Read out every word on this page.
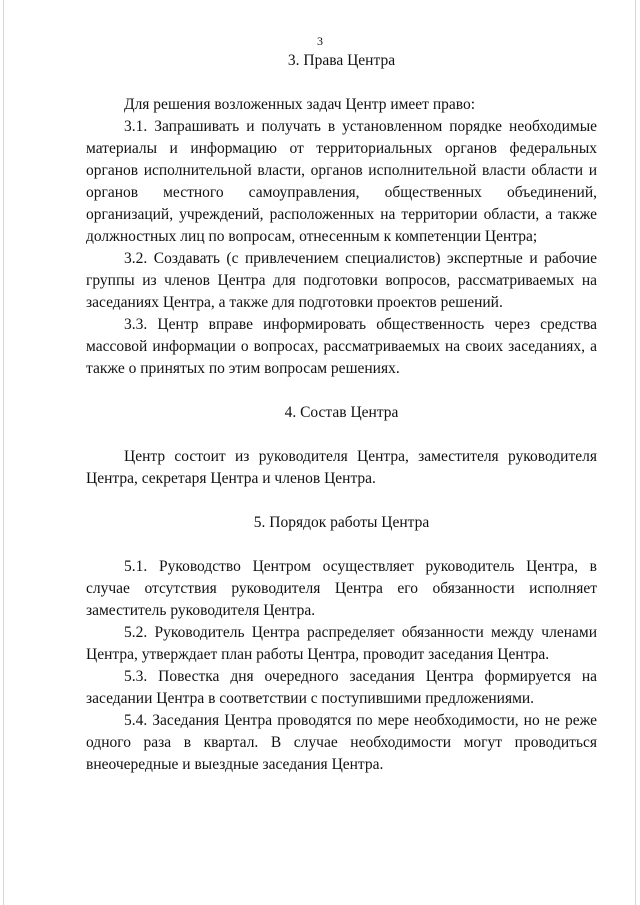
3

3. Права Центра

Для решения возложенных задач Центр имеет право:

3.1. Запрашивать и получать в установленном порядке необходимые материалы и информацию от территориальных органов федеральных органов исполнительной власти, органов исполнительной власти области и органов местного самоуправления, общественных объединений, организаций, учреждений, расположенных на территории области, а также должностных лиц по вопросам, отнесенным к компетенции Центра;

3.2. Создавать (с привлечением специалистов) экспертные и рабочие группы из членов Центра для подготовки вопросов, рассматриваемых на заседаниях Центра, а также для подготовки проектов решений.

3.3. Центр вправе информировать общественность через средства массовой информации о вопросах, рассматриваемых на своих заседаниях, а также о принятых по этим вопросам решениях.

4. Состав Центра

Центр состоит из руководителя Центра, заместителя руководителя Центра, секретаря Центра и членов Центра.

5. Порядок работы Центра

5.1. Руководство Центром осуществляет руководитель Центра, в случае отсутствия руководителя Центра его обязанности исполняет заместитель руководителя Центра.

5.2. Руководитель Центра распределяет обязанности между членами Центра, утверждает план работы Центра, проводит заседания Центра.

5.3. Повестка дня очередного заседания Центра формируется на заседании Центра в соответствии с поступившими предложениями.

5.4. Заседания Центра проводятся по мере необходимости, но не реже одного раза в квартал. В случае необходимости могут проводиться внеочередные и выездные заседания Центра.
